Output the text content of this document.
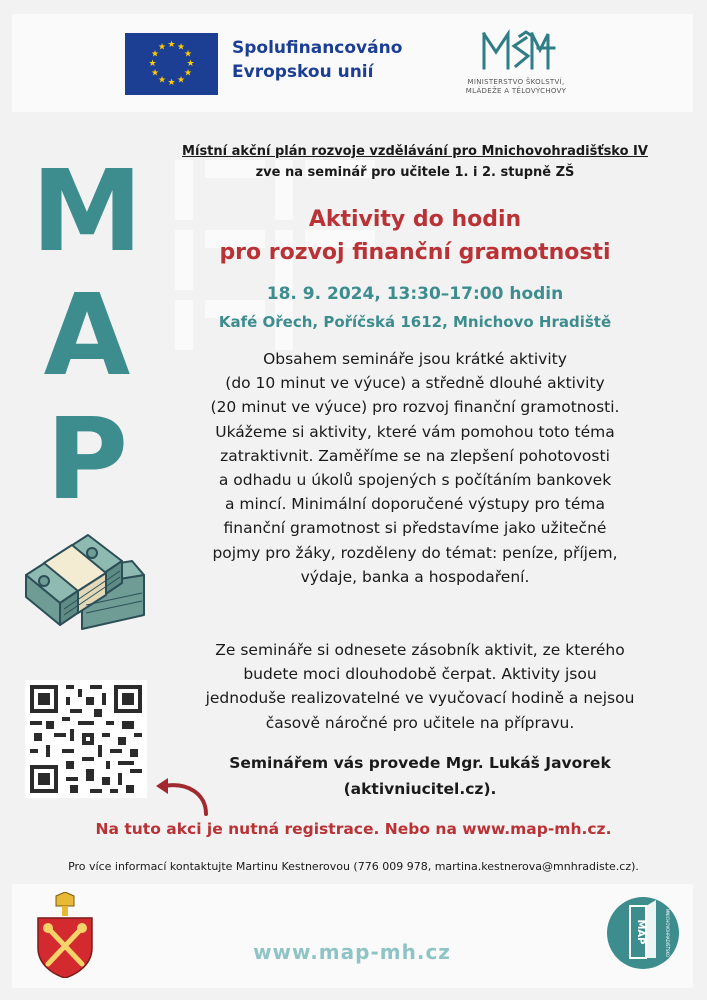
★ ★
★
★
★
★
★
★
★
★
★
★	Spolufinancováno
Evropskou unií	MINISTERSTVO ŠKOLSTVÍ,
MLÁDEŽE A TĚLOVÝCHOVY
M
A
P
Místní akční plán rozvoje vzdělávání pro Mnichovohradišťsko IV
zve na seminář pro učitele 1. i 2. stupně ZŠ
Aktivity do hodin
pro rozvoj finanční gramotnosti
18. 9. 2024, 13:30–17:00 hodin
Kafé Ořech, Poříčská 1612, Mnichovo Hradiště
Obsahem semináře jsou krátké aktivity
(do 10 minut ve výuce) a středně dlouhé aktivity
(20 minut ve výuce) pro rozvoj finanční gramotnosti.
Ukážeme si aktivity, které vám pomohou toto téma
zatraktivnit. Zaměříme se na zlepšení pohotovosti
a odhadu u úkolů spojených s počítáním bankovek
a mincí. Minimální doporučené výstupy pro téma
finanční gramotnost si představíme jako užitečné
pojmy pro žáky, rozděleny do témat: peníze, příjem,
výdaje, banka a hospodaření.
Ze semináře si odnesete zásobník aktivit, ze kterého
budete moci dlouhodobě čerpat. Aktivity jsou
jednoduše realizovatelné ve vyučovací hodině a nejsou
časově náročné pro učitele na přípravu.
Seminářem vás provede Mgr. Lukáš Javorek
(aktivniucitel.cz).
Na tuto akci je nutná registrace. Nebo na www.map-mh.cz.
Pro více informací kontaktujte Martinu Kestnerovou (776 009 978, martina.kestnerova@mnhradiste.cz).
www.map-mh.cz
MAP	MNICHOVOHRADIŠŤSKO
